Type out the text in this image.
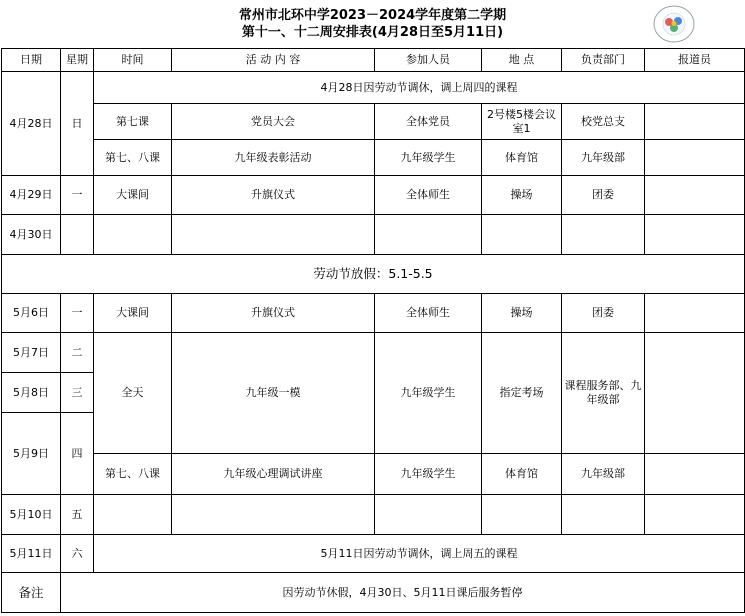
常州市北环中学2023－2024学年度第二学期
第十一、十二周安排表(4月28日至5月11日)
日期	星期	时间	活 动 内 容	参加人员	地 点	负责部门	报道员
4月28日	日	4月28日因劳动节调休，调上周四的课程					
		第七课	党员大会	全体党员	2号楼5楼会议室1	校党总支	
		第七、八课	九年级表彰活动	九年级学生	体育馆	九年级部	
4月29日	一	大课间	升旗仪式	全体师生	操场	团委	
4月30日							
劳动节放假：5.1-5.5							
5月6日	一	大课间	升旗仪式	全体师生	操场	团委	
5月7日	二	全天	九年级一模	九年级学生	指定考场	课程服务部、九年级部	
5月8日	三						
5月9日	四						
		第七、八课	九年级心理调试讲座	九年级学生	体育馆	九年级部	
5月10日	五						
5月11日	六	5月11日因劳动节调休，调上周五的课程					
备注	因劳动节休假，4月30日、5月11日课后服务暂停						
